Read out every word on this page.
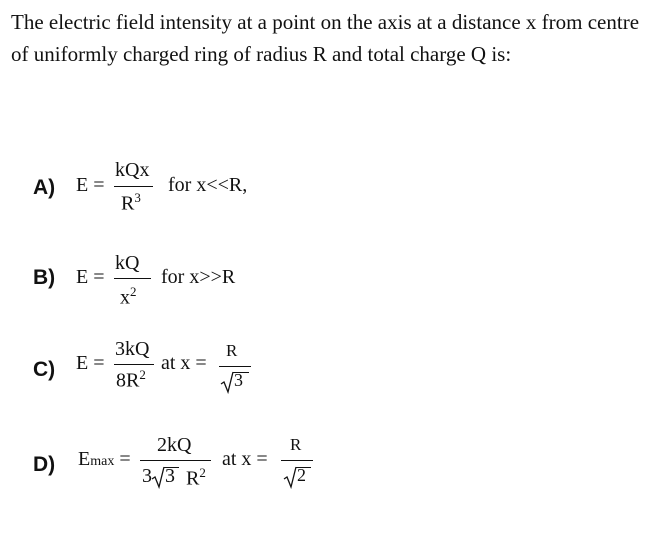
The electric field intensity at a point on the axis at a distance x from centre of uniformly charged ring of radius R and total charge Q is:

A) E =
kQx
$R^3$
for x<<R,
B) E =
kQ
$x^2$
for x>>R
C) E =
3kQ
$8R^2$
at x =
R
3
D) Emax =
2kQ
3 3 $R^2$
at x =
R
2
